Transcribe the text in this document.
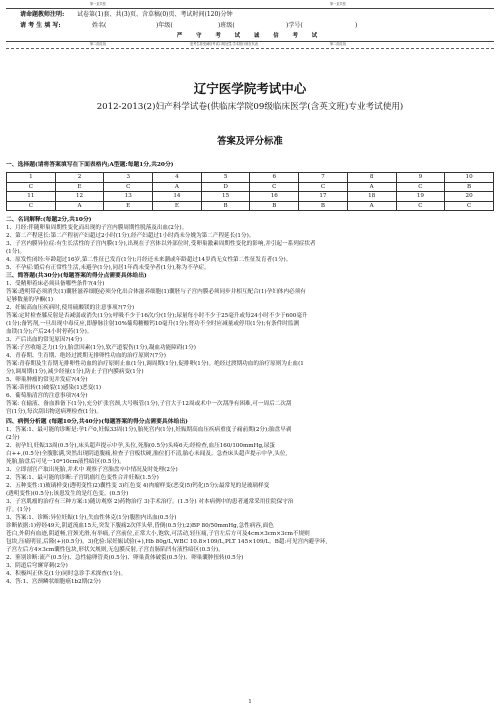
第一页共张	第一页共张
请命题教师注明: 试卷第(1)套、共(3)页、含草稿(0)页、考试时间(120)分钟
请 考 生 填 写:	姓名(	)年级(	)班级(	)学号(	)
严 守 考 试 诚 信 考 试
第二面过线	违考生将受诚信考试口规处罚,学术按行规在代表	第二面过线
辽宁医学院考试中心
2012-2013(2)妇产科学试卷(供临床学院09级临床医学(含英文班)专业考试使用)
答案及评分标准
一、选择题(请将答案填写在下面表格内;A型题:每题1分,共20分)
1	2	3	4	5	6	7	8	9	10
C	E	C	A	D	C	C	A	C	B
11	12	13	14	15	16	17	18	19	20
C	A	E	E	B	B	B	A	C	C
二、名词解释:(每题2分,共10分)
1、月经:伴随卵巢周期性变化而出现的子宫内膜周期性脱落及出血(2分)。
2、第二产程延长:第二产程初产妇超过2小时(1分),经产妇超过1小时尚未分娩为第二产程延长(1分)。
3、子宫内膜异位症:有生长活性的子宫内膜(1分),出现在子宫体以外部位时,受卵巢激素周期性变化的影响,并引起一系列症状者
(1分)。
4、原发性闭经:年龄超过16岁,第二性征已发育(1分);月经还未来潮或年龄超过14岁尚无女性第二性征发育者(1分)。
5、不孕症:婚后有正常性生活,未避孕(1分),同居1年尚未受孕者(1分),称为不孕症。
三、简答题(共30分)(每题答案的得分点需要具体给出)
1、受精卵着床必须具备哪些条件?(4分)
答案:透明带必须消失(1)囊胚滋养细胞必须分化出合体滋养细胞(1)囊胚与子宫内膜必须同步并相互配合(1)孕妇体内必须有
足够数量的孕酮(1)
2、妊娠高血压疾病时,使用硫酸镁的注意事项?(7分)
答案:定时检查膝反射是否减弱或消失(1分);呼吸不少于16次/分(1分);尿量每小时不少于25毫升或每24小时不少于600毫升
(1分);备钙剂,一旦出现中毒反应,即静脉注射10%葡萄糖酸钙10毫升(1分);肾功不全时应减量或停用(1分);有条件时监测
血镁(1分);产后24小时停药(1分)。
3、产后出血的常见原因?(4分)
答案:子宫收缩乏力(1分),胎盘因素(1分),软产道裂伤(1分),凝血功能障碍(1分)
4、青春期、生育期、绝经过渡期无排卵性功血的治疗原则?(7分)
答案:青春期及生育期无排卵性功血的治疗原则止血(1分),调周期(1分),促排卵(1分)。绝经过渡期功血的治疗原则为止血(1
分),调周期(1分),减少经量(1分),防止子宫内膜病变(1分)
5、卵巢肿瘤的常见并发症?(4分)
答案:蒂扭转(1)破裂(1)感染(1)恶变(1)
6、葡萄胎清宫的注意事项?(4分)
答案: 在输液、备血准备下(1分),充分扩张宫颈,大号吸管(1分),子宫大于12周或术中一次刮净有困难,可一周后二次刮
宫(1分),每次刮出物送病理检查(1分)。
四、病例分析题 (每题10分,共40分)(每题答案的得分点需要具体给出)
1、答案:1、最可能的诊断是:孕1产0,妊娠33周(1分),胎死宫内(1分),妊娠期高血压疾病重度子痫前期(2分);胎盘早剥
(2分)
2、初孕妇,妊娠33周(0.5分),床头超声提示中孕,头位,死胎(0.5分)头疼6天;经检查,血压160/100mmHg,尿蛋
白++,(0.5分)全腹胀满,突然出现阴道腹痛,检查子宫板状硬,胎位扪不清,胎心未闻及。急查床头超声提示中孕,头位,
死胎,胎盘后可见一10*10cm液性暗区(0.5分)。
3、立即剖宫产取出死胎,并术中 观察子宫胎盘卒中情况及时处理(2分)
2、答案:1、最可能的诊断:子宫肌瘤红色变性合并妊娠(1.5分)
2、五种变性:1)玻璃样变(透明变性)2)囊性变 3)红色变 4)肉瘤样变(恶变)5)钙化(5分);最常见的是玻璃样变
(透明变性)(0.5分);该患发生的是红色变。(0.5分)
3、子宫肌瘤的治疗有三种方案:1)随访观察 2)药物治疗 3)手术治疗。(1.5分) 对本病例中的患者通常采用住院保守治
疗。(1分)
3、答案:1、诊断:异位妊娠(1分),失血性休克(1分)腹腔内出血(0.5分)
诊断依据:1)停经49天,阴道流血15天,突发下腹痛2次伴头晕,昏倒(0.5分);2)BP 80/50mmHg,急性病容,面色
苍白,外阴有血迹,阴道畅,宫颈光滑,有举痛,子宫前位,正常大小,饱软,可活动,轻压痛,子宫左后方可及4cm×3cm×3cm不规则
包块,压痛明显,后隆(+)(0.5分)。3)化验:尿妊娠试验(+),Hb 80g/L,WBC 10.8×109/L,PLT 145×109/L。B超:可见宫内避孕环,
子宫左后方4×3cm囊性包块,形状欠规则,无包膜反射,子宫直肠陷凹有液性暗区(0.5分)。
2、鉴别诊断:流产(0.5分)、急性输卵管炎(0.5分)、卵巢黄体破裂(0.5分)、卵巢囊肿扭转(0.5分)
3、阴道后穹窿穿刺(2分)
4、积极纠正休克(1分)同时急诊手术探查(1分)。
4、答:1、宫颈鳞状细胞癌1b2期(2分)
1
